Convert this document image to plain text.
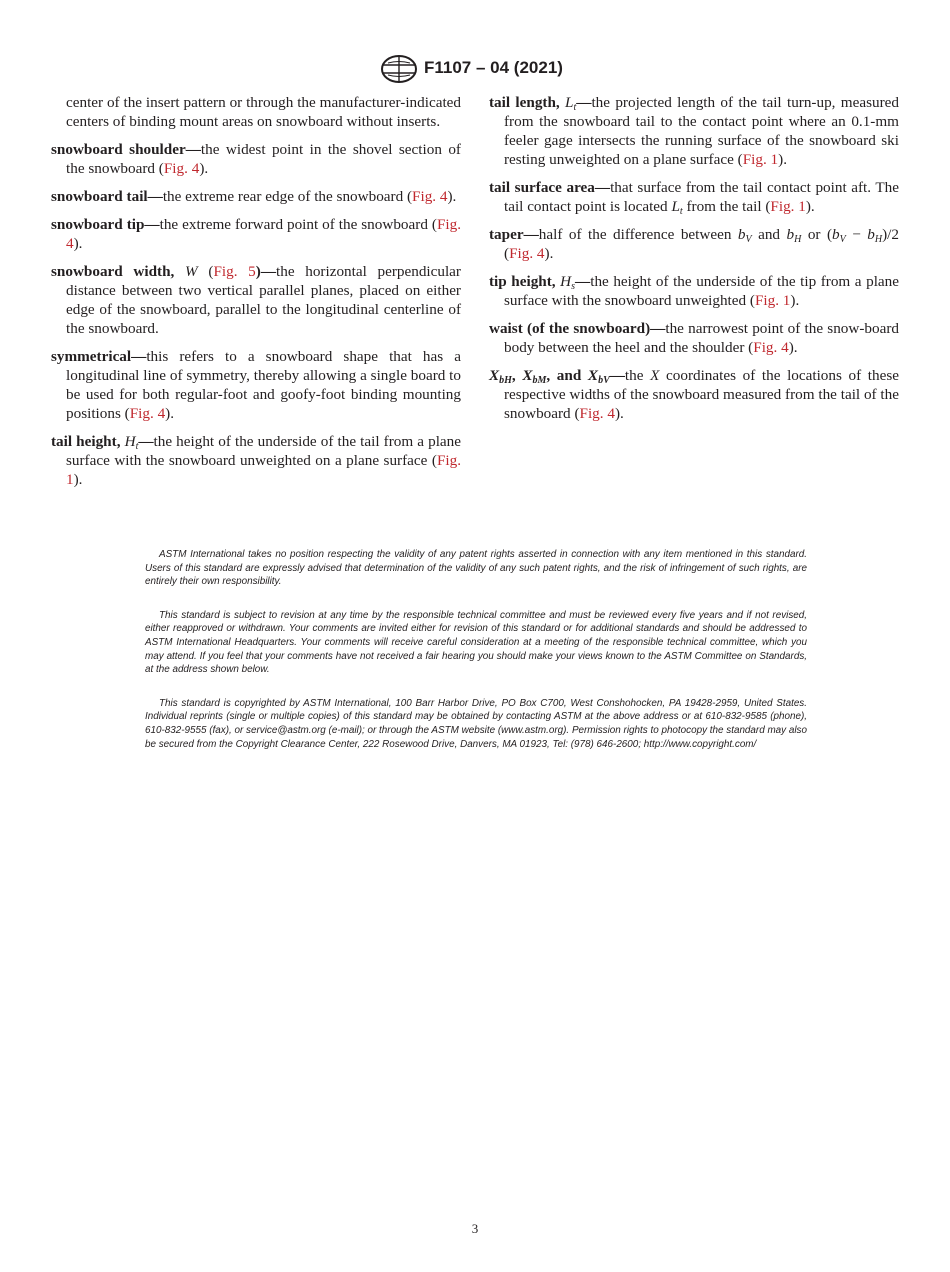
F1107 – 04 (2021)

center of the insert pattern or through the manufacturer-indicated centers of binding mount areas on snowboard without inserts.

snowboard shoulder—the widest point in the shovel section of the snowboard (Fig. 4).

snowboard tail—the extreme rear edge of the snowboard (Fig. 4).

snowboard tip—the extreme forward point of the snowboard (Fig. 4).

snowboard width, W (Fig. 5)—the horizontal perpendicular distance between two vertical parallel planes, placed on either edge of the snowboard, parallel to the longitudinal centerline of the snowboard.

symmetrical—this refers to a snowboard shape that has a longitudinal line of symmetry, thereby allowing a single board to be used for both regular-foot and goofy-foot binding mounting positions (Fig. 4).

tail height, $H_t—the$ height of the underside of the tail from a plane surface with the snowboard unweighted on a plane surface (Fig. 1).

tail length, $L_t—the$ projected length of the tail turn-up, measured from the snowboard tail to the contact point where an 0.1-mm feeler gage intersects the running surface of the snowboard ski resting unweighted on a plane surface (Fig. 1).

tail surface area—that surface from the tail contact point aft. The tail contact point is located $L_t$ from the tail (Fig. 1).

taper—half of the difference between $b_V$ and $b_H$ or $(b_V - b_H)/2$ (Fig. 4).

tip height, $H_s—the$ height of the underside of the tip from a plane surface with the snowboard unweighted (Fig. 1).

waist (of the snowboard)—the narrowest point of the snow-board body between the heel and the shoulder (Fig. 4).

$X_{bH}$, $X_{bM}$, and $X_{bV}—the$ X coordinates of the locations of these respective widths of the snowboard measured from the tail of the snowboard (Fig. 4).

ASTM International takes no position respecting the validity of any patent rights asserted in connection with any item mentioned in this standard. Users of this standard are expressly advised that determination of the validity of any such patent rights, and the risk of infringement of such rights, are entirely their own responsibility.

This standard is subject to revision at any time by the responsible technical committee and must be reviewed every five years and if not revised, either reapproved or withdrawn. Your comments are invited either for revision of this standard or for additional standards and should be addressed to ASTM International Headquarters. Your comments will receive careful consideration at a meeting of the responsible technical committee, which you may attend. If you feel that your comments have not received a fair hearing you should make your views known to the ASTM Committee on Standards, at the address shown below.

This standard is copyrighted by ASTM International, 100 Barr Harbor Drive, PO Box C700, West Conshohocken, PA 19428-2959, United States. Individual reprints (single or multiple copies) of this standard may be obtained by contacting ASTM at the above address or at 610-832-9585 (phone), 610-832-9555 (fax), or service@astm.org (e-mail); or through the ASTM website (www.astm.org). Permission rights to photocopy the standard may also be secured from the Copyright Clearance Center, 222 Rosewood Drive, Danvers, MA 01923, Tel: (978) 646-2600; http://www.copyright.com/

3
